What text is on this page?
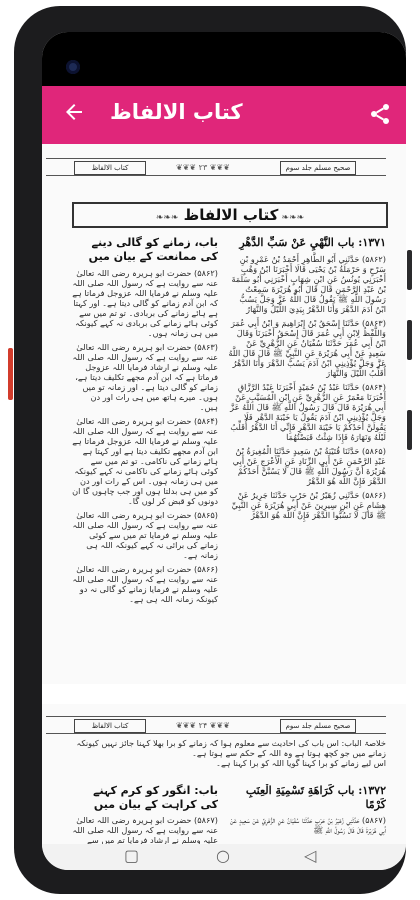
کتاب الالفاظ
کتاب الالفاظ	❦❦❦ ۲۳ ❦❦❦	صحیح مسلم جلد سوم
❧❧❧ کتاب الالفاظ ❧❧❧
باب، زمانے کو گالی دینے کی ممانعت کے بیان میں

(۵۸۶۲) حضرت ابو ہریرہ رضی اللہ تعالیٰ عنہ سے روایت ہے کہ رسول اللہ صلی اللہ علیہ وسلم نے فرمایا اللہ عزوجل فرماتا ہے کہ ابن آدم زمانے کو گالی دیتا ہے۔ اور کہتا ہے ہائے زمانے کی بربادی۔ تو تم میں سے کوئی ہائے زمانے کی بربادی نہ کہے کیونکہ میں ہی زمانہ ہوں۔

(۵۸۶۳) حضرت ابو ہریرہ رضی اللہ تعالیٰ عنہ سے روایت ہے کہ رسول اللہ صلی اللہ علیہ وسلم نے ارشاد فرمایا اللہ عزوجل فرماتا ہے کہ ابن آدم مجھے تکلیف دیتا ہے، زمانے کو گالی دیتا ہے۔ اور زمانہ تو میں ہوں۔ میرے ہاتھ میں ہی رات اور دن ہیں۔

(۵۸۶۴) حضرت ابو ہریرہ رضی اللہ تعالیٰ عنہ سے روایت ہے کہ رسول اللہ صلی اللہ علیہ وسلم نے فرمایا اللہ عزوجل فرماتا ہے ابن آدم مجھے تکلیف دیتا ہے اور کہتا ہے ہائے زمانے کی ناکامی۔ تو تم میں سے کوئی ہائے زمانے کی ناکامی نہ کہے کیونکہ میں ہی زمانہ ہوں۔ اس کے رات اور دن کو میں ہی بدلتا ہوں اور جب چاہوں گا ان دونوں کو قبض کر لوں گا۔

(۵۸۶۵) حضرت ابو ہریرہ رضی اللہ تعالیٰ عنہ سے روایت ہے کہ رسول اللہ صلی اللہ علیہ وسلم نے فرمایا تم میں سے کوئی زمانے کی برائی نہ کہے کیونکہ اللہ ہی زمانہ ہے۔

(۵۸۶۶) حضرت ابو ہریرہ رضی اللہ تعالیٰ عنہ سے روایت ہے کہ رسول اللہ صلی اللہ علیہ وسلم نے فرمایا زمانے کو گالی نہ دو کیونکہ زمانہ اللہ ہی ہے۔

۱۳۷۱: باب النَّهْيِ عَنْ سَبِّ الدَّهْرِ

(۵۸۶۲) حَدَّثَنِي أَبُو الطَّاهِرِ أَحْمَدُ بْنُ عَمْرِو بْنِ سَرْحٍ وَ حَرْمَلَةُ بْنُ يَحْيَى قَالَا أَخْبَرَنَا ابْنُ وَهْبٍ أَخْبَرَنِي يُونُسُ عَنِ ابْنِ شِهَابٍ أَخْبَرَنِي أَبُو سَلَمَةَ بْنُ عَبْدِ الرَّحْمَنِ قَالَ قَالَ أَبُو هُرَيْرَةَ سَمِعْتُ رَسُولَ اللَّهِ ﷺ يَقُولُ قَالَ اللَّهُ عَزَّ وَجَلَّ يَسُبُّ ابْنُ آدَمَ الدَّهْرَ وَأَنَا الدَّهْرُ بِيَدِيَ اللَّيْلُ وَالنَّهَارُ

(۵۸۶۳) حَدَّثَنَا إِسْحَقُ بْنُ إِبْرَاهِيمَ وَ ابْنُ أَبِي عُمَرَ وَاللَّفْظُ لِابْنِ أَبِي عُمَرَ قَالَ إِسْحَقُ أَخْبَرَنَا وَقَالَ ابْنُ أَبِي عُمَرَ حَدَّثَنَا سُفْيَانُ عَنِ الزُّهْرِيِّ عَنْ سَعِيدٍ عَنْ أَبِي هُرَيْرَةَ عَنِ النَّبِيِّ ﷺ قَالَ قَالَ اللَّهُ عَزَّ وَجَلَّ يُؤْذِينِي ابْنُ آدَمَ يَسُبُّ الدَّهْرَ وَأَنَا الدَّهْرُ أُقَلِّبُ اللَّيْلَ وَالنَّهَارَ

(۵۸۶۴) حَدَّثَنَا عَبْدُ بْنُ حُمَيْدٍ أَخْبَرَنَا عَبْدُ الرَّزَّاقِ أَخْبَرَنَا مَعْمَرٌ عَنِ الزُّهْرِيِّ عَنِ ابْنِ الْمُسَيَّبِ عَنْ أَبِي هُرَيْرَةَ قَالَ قَالَ رَسُولُ اللَّهِ ﷺ قَالَ اللَّهُ عَزَّ وَجَلَّ يُؤْذِينِي ابْنُ آدَمَ يَقُولُ يَا خَيْبَةَ الدَّهْرِ فَلَا يَقُولَنَّ أَحَدُكُمْ يَا خَيْبَةَ الدَّهْرِ فَإِنِّي أَنَا الدَّهْرُ أُقَلِّبُ لَيْلَهُ وَنَهَارَهُ فَإِذَا شِئْتُ قَبَضْتُهُمَا

(۵۸۶۵) حَدَّثَنَا قُتَيْبَةُ بْنُ سَعِيدٍ حَدَّثَنَا الْمُغِيرَةُ بْنُ عَبْدِ الرَّحْمَنِ عَنْ أَبِي الزِّنَادِ عَنِ الْأَعْرَجِ عَنْ أَبِي هُرَيْرَةَ أَنَّ رَسُولَ اللَّهِ ﷺ قَالَ لَا يَسُبَّنَّ أَحَدُكُمْ الدَّهْرَ فَإِنَّ اللَّهَ هُوَ الدَّهْرُ

(۵۸۶۶) حَدَّثَنِي زُهَيْرُ بْنُ حَرْبٍ حَدَّثَنَا جَرِيرٌ عَنْ هِشَامٍ عَنِ ابْنِ سِيرِينَ عَنْ أَبِي هُرَيْرَةَ عَنِ النَّبِيِّ ﷺ قَالَ لَا تَسُبُّوا الدَّهْرَ فَإِنَّ اللَّهَ هُوَ الدَّهْرُ

کتاب الالفاظ	❦❦❦ ۲۴ ❦❦❦	صحیح مسلم جلد سوم
خلاصۃ الباب: اس باب کی احادیث سے معلوم ہوا کہ زمانے کو برا بھلا کہنا جائز نہیں کیونکہ زمانے میں جو کچھ ہوتا ہے وہ اللہ کے حکم سے ہوتا ہے۔
اس لیے زمانے کو برا کہنا گویا اللہ کو برا کہنا ہے۔
باب: انگور کو کرم کہنے کی کراہت کے بیان میں

(۵۸۶۷) حضرت ابو ہریرہ رضی اللہ تعالیٰ عنہ سے روایت ہے کہ رسول اللہ صلی اللہ علیہ وسلم نے ارشاد فرمایا تم میں سے

۱۳۷۲: باب كَرَاهَةِ تَسْمِيَةِ الْعِنَبِ كَرْمًا

(۵۸۶۷) حَدَّثَنِي زُهَيْرُ بْنُ حَرْبٍ حَدَّثَنَا سُفْيَانُ عَنِ الزُّهْرِيِّ عَنْ سَعِيدٍ عَنْ أَبِي هُرَيْرَةَ قَالَ قَالَ رَسُولُ اللَّهِ ﷺ

▢	○	◁
